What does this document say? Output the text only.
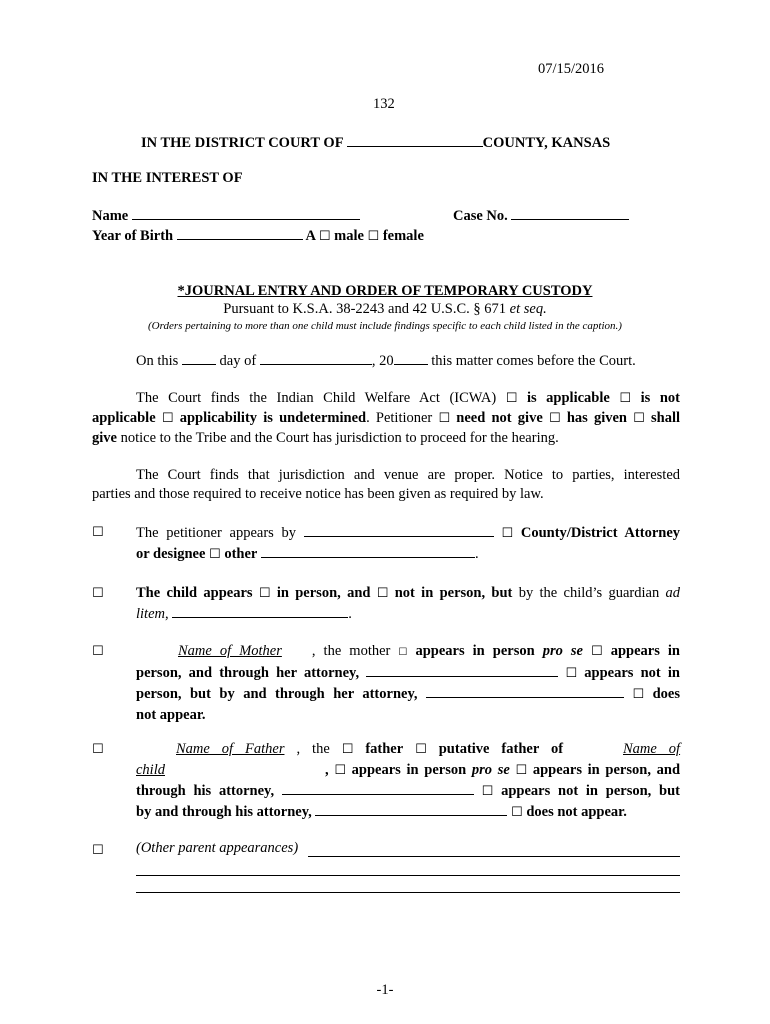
07/15/2016
132
IN THE DISTRICT COURT OF	COUNTY, KANSAS
IN THE INTEREST OF
Name	Case No.
Year of Birth	A ☐ male ☐ female
*JOURNAL ENTRY AND ORDER OF TEMPORARY CUSTODY
Pursuant to K.S.A. 38-2243 and 42 U.S.C. § 671 et seq.
(Orders pertaining to more than one child must include findings specific to each child listed in the caption.)
On this	day of	, 20	this matter comes before the Court.
The Court finds the Indian Child Welfare Act (ICWA) ☐ is applicable ☐ is not
applicable ☐ applicability is undetermined. Petitioner ☐ need not give ☐ has given ☐ shall
give notice to the Tribe and the Court has jurisdiction to proceed for the hearing.
The Court finds that jurisdiction and venue are proper. Notice to parties, interested
parties and those required to receive notice has been given as required by law.
☐ The petitioner appears by	☐ County/District Attorney
or designee ☐ other	.
☐ The child appears ☐ in person, and ☐ not in person, but by the child’s guardian ad
litem,	.
☐	Name of Mother , the mother ☐ appears in person pro se ☐ appears in
person, and through her attorney,	☐ appears not in
person, but by and through her attorney,	☐ does
not appear.
☐	Name of Father , the ☐ father ☐ putative father of	Name of
child	, ☐ appears in person pro se ☐ appears in person, and
through his attorney,	☐ appears not in person, but
by and through his attorney,	☐ does not appear.
☐ (Other parent appearances)
-1-
